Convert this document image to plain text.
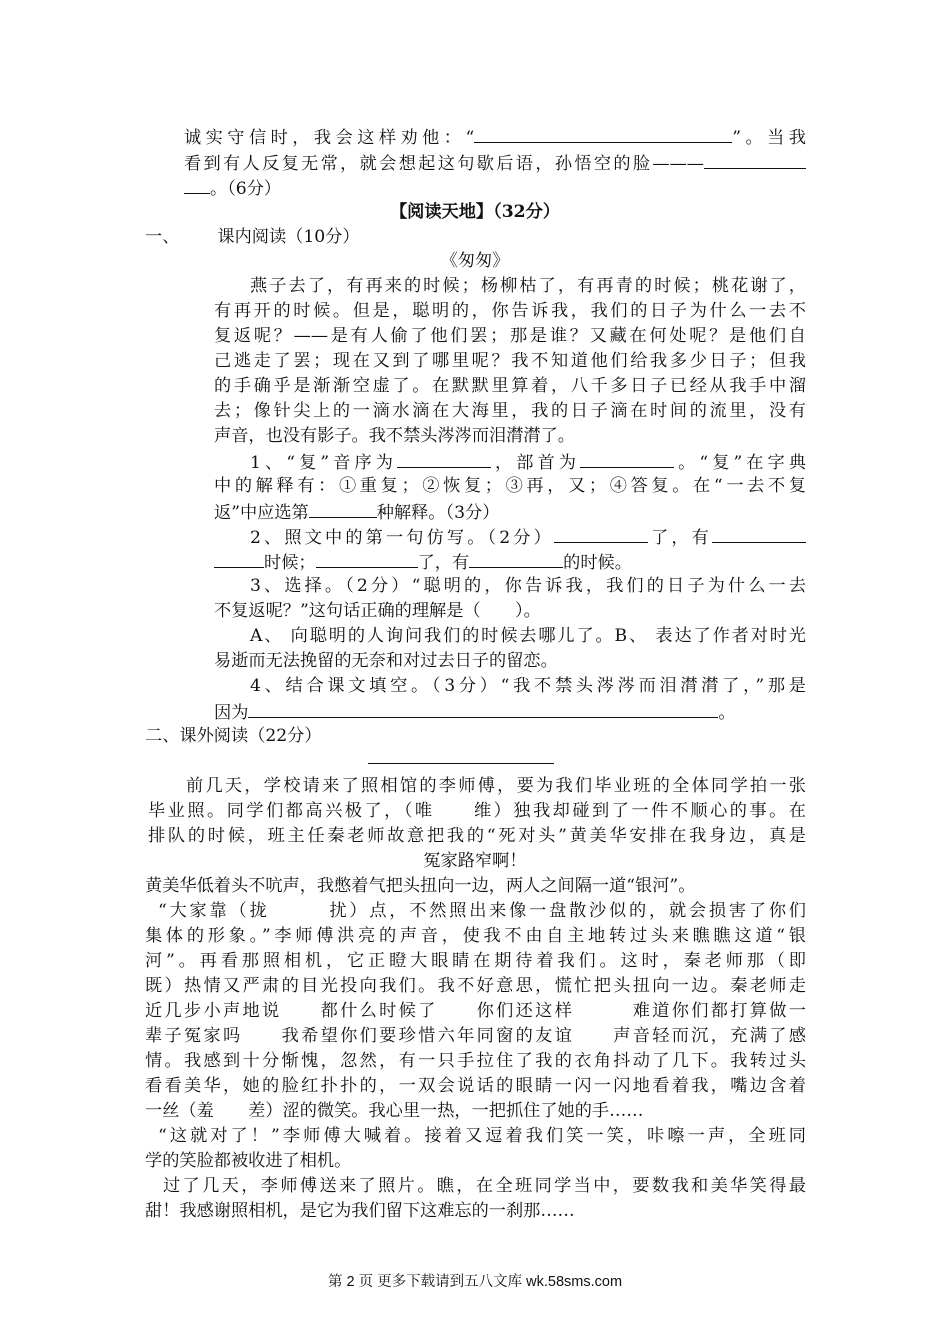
诚实守信时，我会这样劝他：“	”。当我

看到有人反复无常，就会想起这句歇后语，孙悟空的脸———

。（6分）

【阅读天地】（32分）

一、 课内阅读（10分）

《匆匆》

燕子去了，有再来的时候；杨柳枯了，有再青的时候；桃花谢了，

有再开的时候。但是，聪明的，你告诉我，我们的日子为什么一去不

复返呢？——是有人偷了他们罢；那是谁？又藏在何处呢？是他们自

己逃走了罢；现在又到了哪里呢？我不知道他们给我多少日子；但我

的手确乎是渐渐空虚了。在默默里算着，八千多日子已经从我手中溜

去；像针尖上的一滴水滴在大海里，我的日子滴在时间的流里，没有

声音，也没有影子。我不禁头涔涔而泪潸潸了。

1、“复”音序为	，部首为	。“复”在字典

中的解释有：①重复；②恢复；③再，又；④答复。在“一去不复

返”中应选第	种解释。（3分）

2、照文中的第一句仿写。（2分）	了，有

时候；	了，有	的时候。

3、选择。（2分）“聪明的，你告诉我，我们的日子为什么一去

不复返呢？”这句话正确的理解是（　　）。

A、 向聪明的人询问我们的时候去哪儿了。B、 表达了作者对时光

易逝而无法挽留的无奈和对过去日子的留恋。

4、结合课文填空。（3分）“我不禁头涔涔而泪潸潸了，”那是

因为	。

二、课外阅读（22分）

前几天，学校请来了照相馆的李师傅，要为我们毕业班的全体同学拍一张

毕业照。同学们都高兴极了，（唯　　维）独我却碰到了一件不顺心的事。在

排队的时候，班主任秦老师故意把我的“死对头”黄美华安排在我身边，真是

冤家路窄啊！

黄美华低着头不吭声，我憋着气把头扭向一边，两人之间隔一道“银河”。

“大家靠（拢　　　扰）点，不然照出来像一盘散沙似的，就会损害了你们

集体的形象。”李师傅洪亮的声音，使我不由自主地转过头来瞧瞧这道“银

河”。再看那照相机，它正瞪大眼睛在期待着我们。这时，秦老师那（即

既）热情又严肃的目光投向我们。我不好意思，慌忙把头扭向一边。秦老师走

近几步小声地说　　都什么时候了　　你们还这样　　　难道你们都打算做一

辈子冤家吗　　我希望你们要珍惜六年同窗的友谊　　声音轻而沉，充满了感

情。我感到十分惭愧，忽然，有一只手拉住了我的衣角抖动了几下。我转过头

看看美华，她的脸红扑扑的，一双会说话的眼睛一闪一闪地看着我，嘴边含着

一丝（羞　　差）涩的微笑。我心里一热，一把抓住了她的手……

“这就对了！”李师傅大喊着。接着又逗着我们笑一笑，咔嚓一声，全班同

学的笑脸都被收进了相机。

过了几天，李师傅送来了照片。瞧，在全班同学当中，要数我和美华笑得最

甜！我感谢照相机，是它为我们留下这难忘的一刹那……

第 2 页 更多下载请到五八文库 wk.58sms.com
